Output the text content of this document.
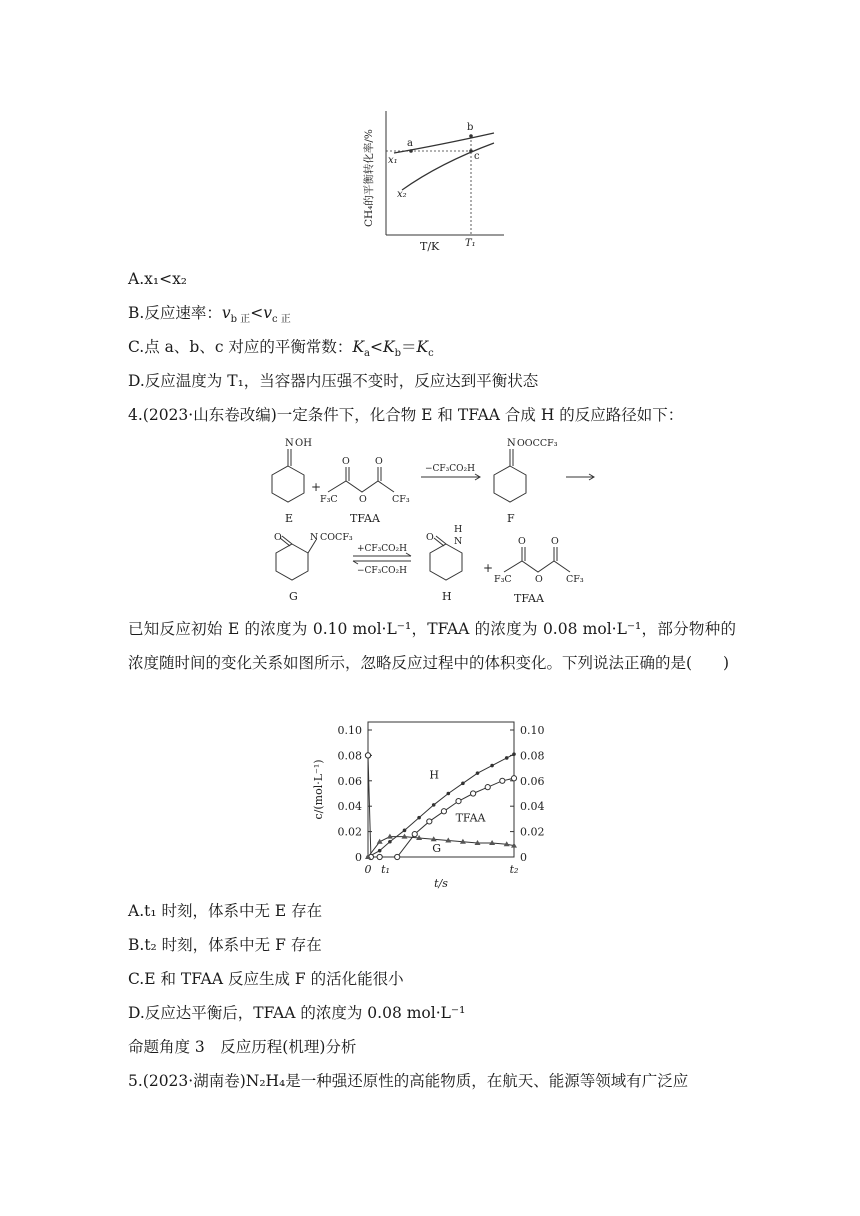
CH₄的平衡转化率/%
T/K
x₁
x₂
T₁
a
b
c
A.x₁<x₂
B.反应速率：$v_{b 正}<v_{c 正}$
C.点 a、b、c 对应的平衡常数：$K_a<K_b=K_c$
D.反应温度为 T₁，当容器内压强不变时，反应达到平衡状态
4.(2023·山东卷改编)一定条件下，化合物 E 和 TFAA 合成 H 的反应路径如下：
N OH
E
+
F₃C
O
O
O
CF₃
TFAA
−CF₃CO₂H
N OOCCF₃
F
O	N COCF₃
G
+CF₃CO₂H
−CF₃CO₂H
O
H
N
H
+
F₃C
O
O
O
CF₃
TFAA
已知反应初始 E 的浓度为 0.10 mol·L⁻¹，TFAA 的浓度为 0.08 mol·L⁻¹，部分物种的浓度随时间的变化关系如图所示，忽略反应过程中的体积变化。下列说法正确的是(　　)
0.10	0.10
0.08	0.08
0.06	0.06
0.04	0.04
0.02	0.02
0	0
0 t₁	t₂
t/s
c/(mol·L⁻¹)	H
TFAA
G
A.t₁ 时刻，体系中无 E 存在
B.t₂ 时刻，体系中无 F 存在
C.E 和 TFAA 反应生成 F 的活化能很小
D.反应达平衡后，TFAA 的浓度为 0.08 mol·L⁻¹
命题角度 3　反应历程(机理)分析
5.(2023·湖南卷)N₂H₄是一种强还原性的高能物质，在航天、能源等领域有广泛应
